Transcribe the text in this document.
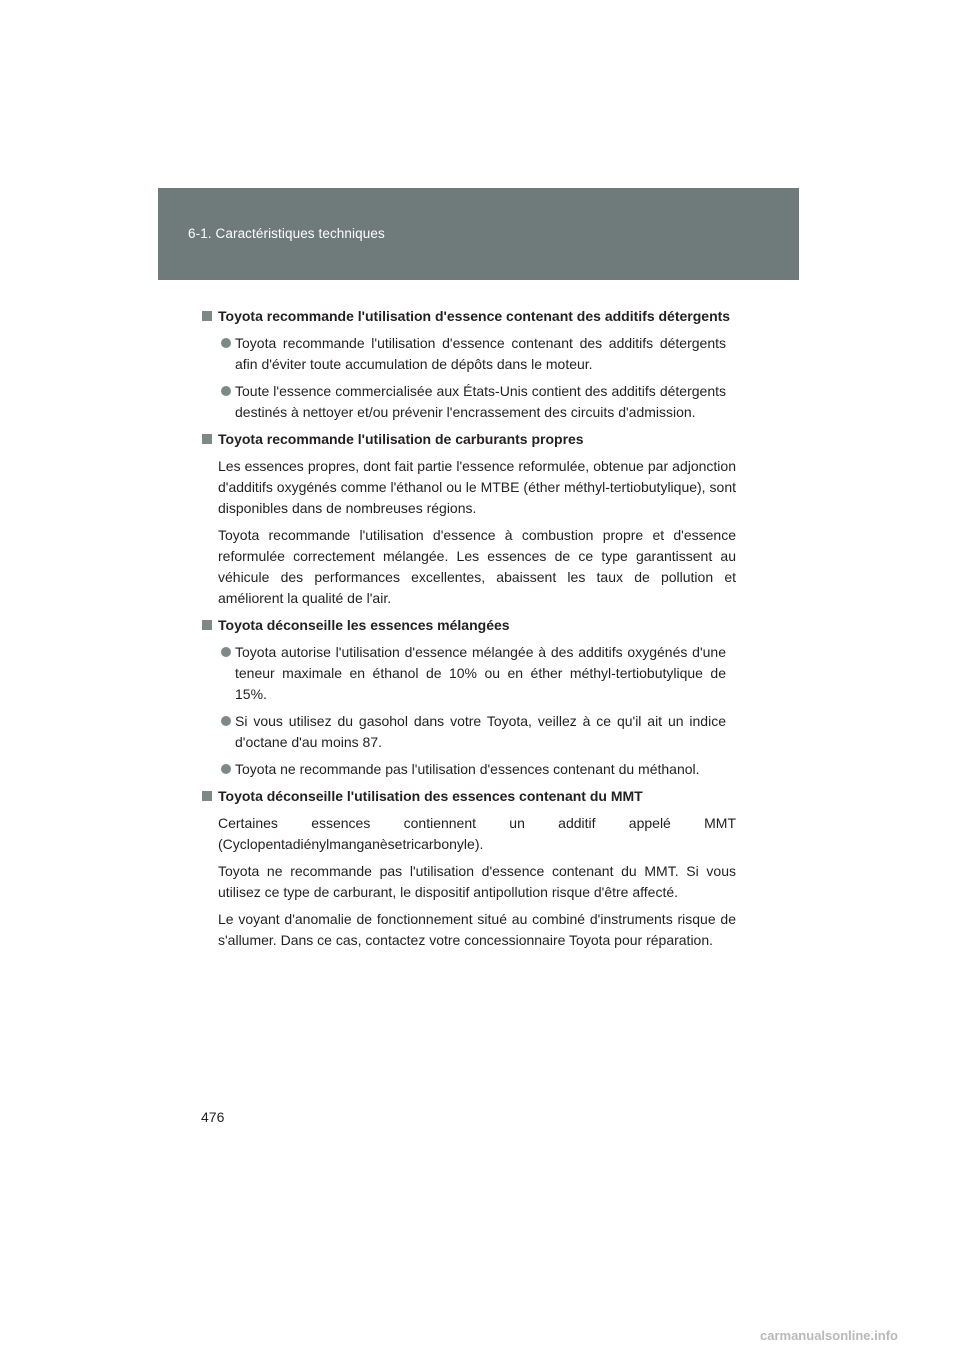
6-1. Caractéristiques techniques
Toyota recommande l'utilisation d'essence contenant des additifs détergents
Toyota recommande l'utilisation d'essence contenant des additifs détergents afin d'éviter toute accumulation de dépôts dans le moteur.
Toute l'essence commercialisée aux États-Unis contient des additifs détergents destinés à nettoyer et/ou prévenir l'encrassement des circuits d'admission.
Toyota recommande l'utilisation de carburants propres
Les essences propres, dont fait partie l'essence reformulée, obtenue par adjonction d'additifs oxygénés comme l'éthanol ou le MTBE (éther méthyl-tertiobutylique), sont disponibles dans de nombreuses régions.
Toyota recommande l'utilisation d'essence à combustion propre et d'essence reformulée correctement mélangée. Les essences de ce type garantissent au véhicule des performances excellentes, abaissent les taux de pollution et améliorent la qualité de l'air.
Toyota déconseille les essences mélangées
Toyota autorise l'utilisation d'essence mélangée à des additifs oxygénés d'une teneur maximale en éthanol de 10% ou en éther méthyl-tertiobutylique de 15%.
Si vous utilisez du gasohol dans votre Toyota, veillez à ce qu'il ait un indice d'octane d'au moins 87.
Toyota ne recommande pas l'utilisation d'essences contenant du méthanol.
Toyota déconseille l'utilisation des essences contenant du MMT
Certaines essences contiennent un additif appelé MMT (Cyclopentadiénylmanganèsetricarbonyle).
Toyota ne recommande pas l'utilisation d'essence contenant du MMT. Si vous utilisez ce type de carburant, le dispositif antipollution risque d'être affecté.
Le voyant d'anomalie de fonctionnement situé au combiné d'instruments risque de s'allumer. Dans ce cas, contactez votre concessionnaire Toyota pour réparation.
476
carmanualsonline.info
